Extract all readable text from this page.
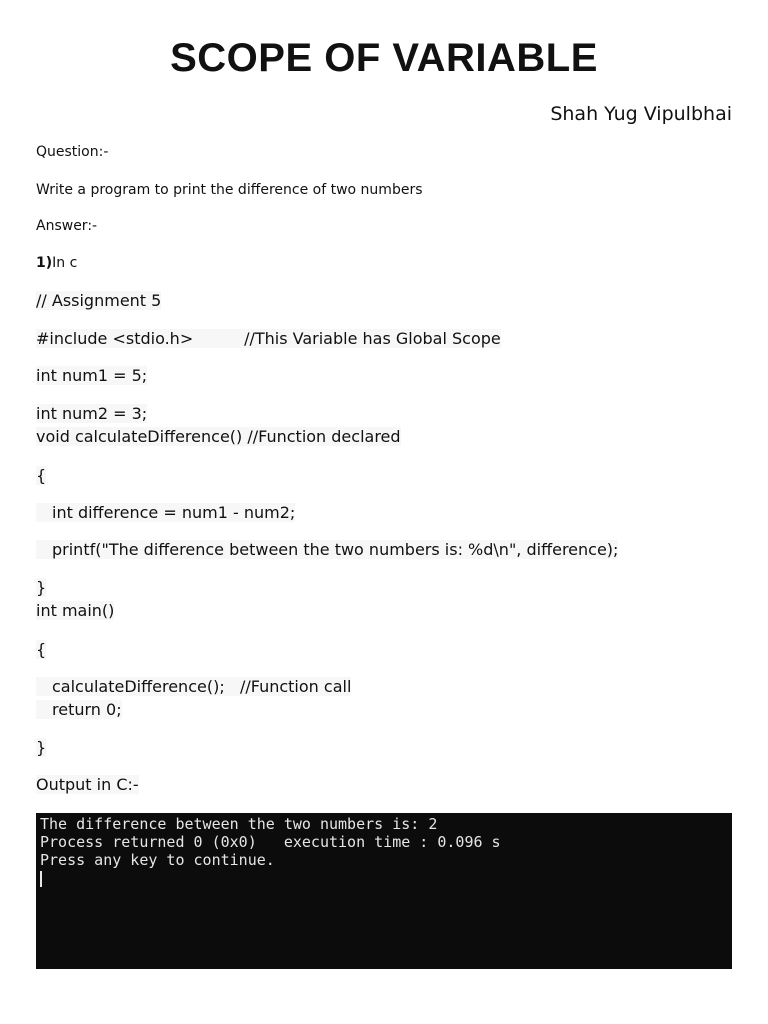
SCOPE OF VARIABLE
Shah Yug Vipulbhai
Question:-
Write a program to print the difference of two numbers
Answer:-
1)In c
// Assignment 5
#include <stdio.h>          //This Variable has Global Scope
int num1 = 5;
int num2 = 3;
void calculateDifference() //Function declared
{
int difference = num1 - num2;
printf("The difference between the two numbers is: %d\n", difference);
}
int main()
{
calculateDifference();   //Function call
return 0;
}
Output in C:-
The difference between the two numbers is: 2
Process returned 0 (0x0)   execution time : 0.096 s
Press any key to continue.
